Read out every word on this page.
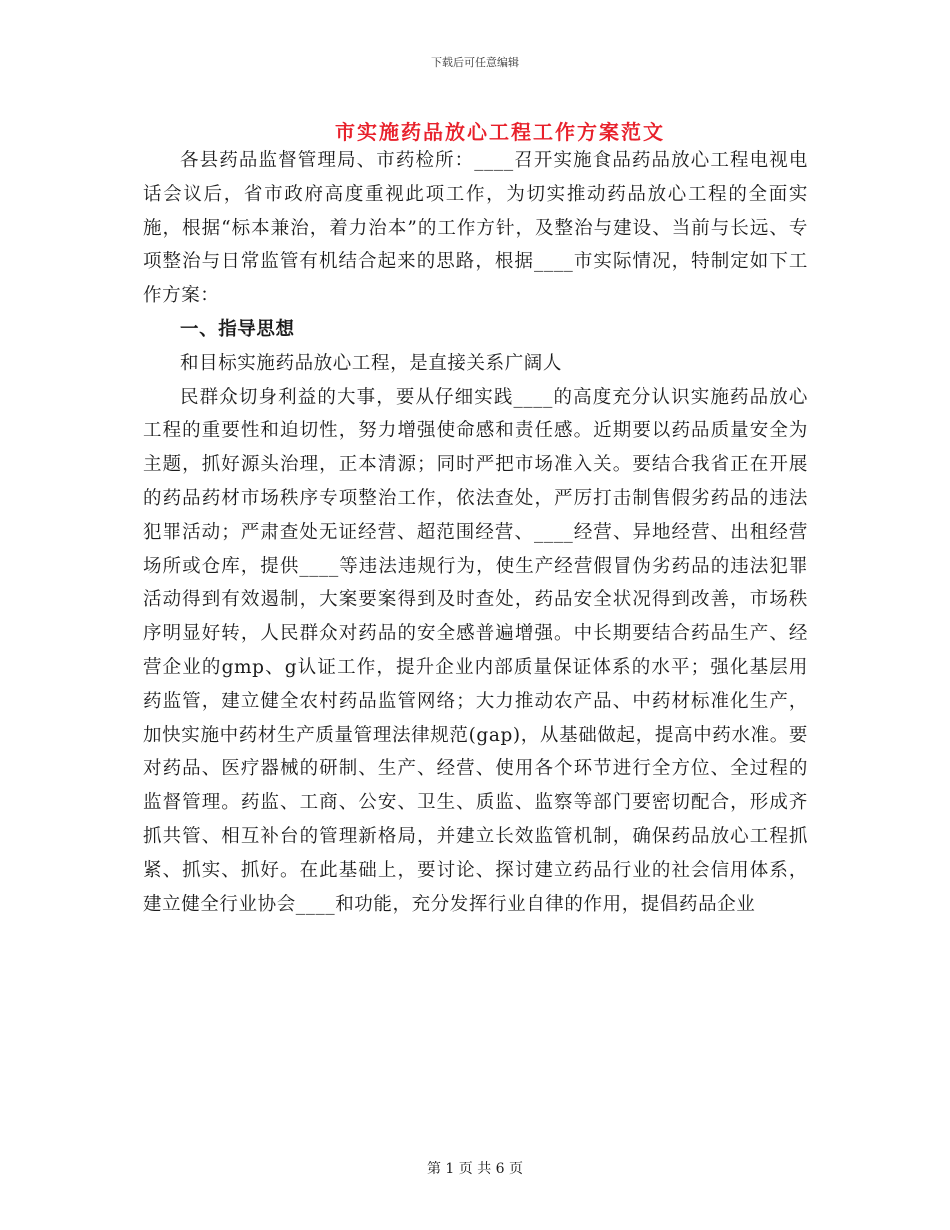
下载后可任意编辑
市实施药品放心工程工作方案范文

各县药品监督管理局、市药检所：____召开实施食品药品放心工程电视电话会议后，省市政府高度重视此项工作，为切实推动药品放心工程的全面实施，根据“标本兼治，着力治本”的工作方针，及整治与建设、当前与长远、专项整治与日常监管有机结合起来的思路，根据____市实际情况，特制定如下工作方案：

一、指导思想

和目标实施药品放心工程，是直接关系广阔人

民群众切身利益的大事，要从仔细实践____的高度充分认识实施药品放心工程的重要性和迫切性，努力增强使命感和责任感。近期要以药品质量安全为主题，抓好源头治理，正本清源；同时严把市场准入关。要结合我省正在开展的药品药材市场秩序专项整治工作，依法查处，严厉打击制售假劣药品的违法犯罪活动；严肃查处无证经营、超范围经营、____经营、异地经营、出租经营场所或仓库，提供____等违法违规行为，使生产经营假冒伪劣药品的违法犯罪活动得到有效遏制，大案要案得到及时查处，药品安全状况得到改善，市场秩序明显好转，人民群众对药品的安全感普遍增强。中长期要结合药品生产、经营企业的gmp、g认证工作，提升企业内部质量保证体系的水平；强化基层用药监管，建立健全农村药品监管网络；大力推动农产品、中药材标准化生产，加快实施中药材生产质量管理法律规范(gap)，从基础做起，提高中药水准。要对药品、医疗器械的研制、生产、经营、使用各个环节进行全方位、全过程的监督管理。药监、工商、公安、卫生、质监、监察等部门要密切配合，形成齐抓共管、相互补台的管理新格局，并建立长效监管机制，确保药品放心工程抓紧、抓实、抓好。在此基础上，要讨论、探讨建立药品行业的社会信用体系，建立健全行业协会____和功能，充分发挥行业自律的作用，提倡药品企业

第 1 页 共 6 页
